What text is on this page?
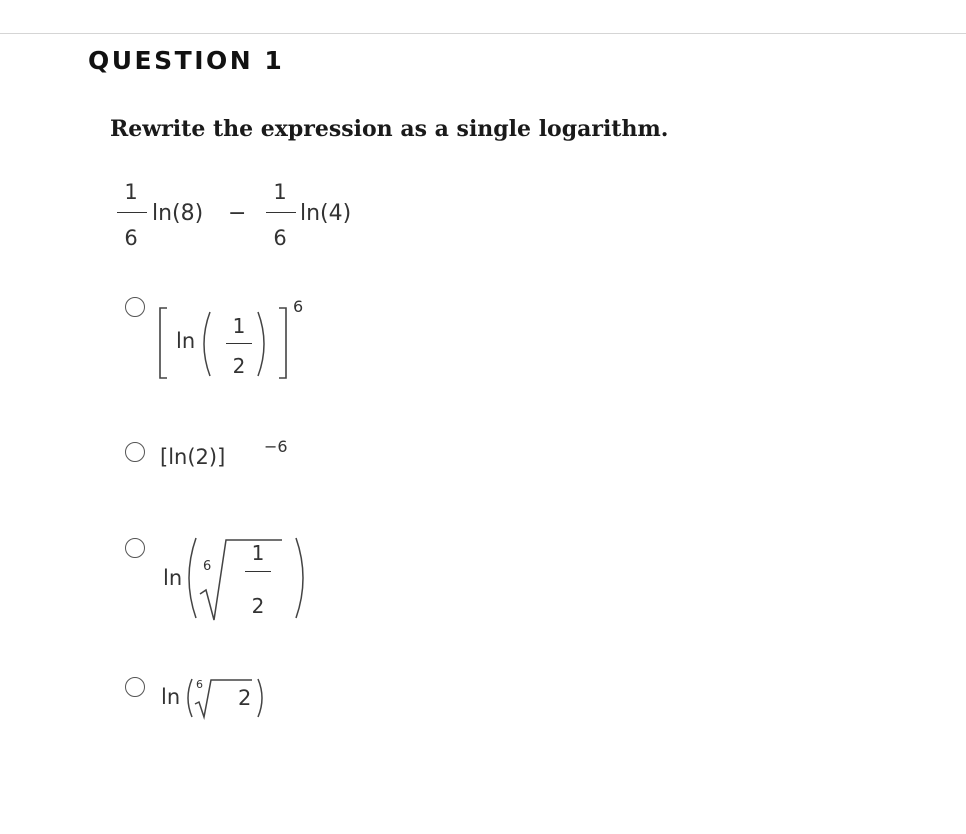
QUESTION 1
Rewrite the expression as a single logarithm.
1
6
ln(8) −
1
6
ln(4)
ln
1
2
6
[ln(2)] −6
ln 6
1
2
ln
6
2
